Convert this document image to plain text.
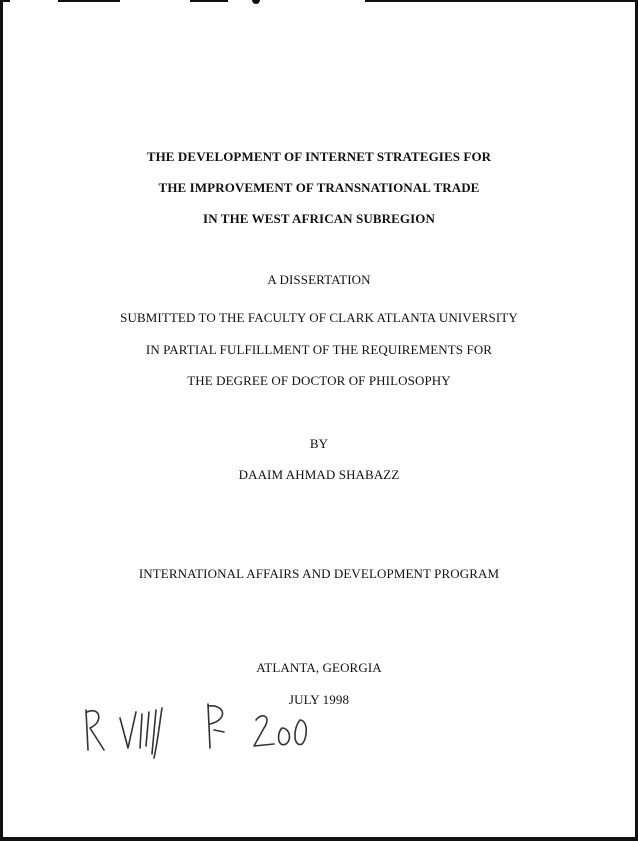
THE DEVELOPMENT OF INTERNET STRATEGIES FOR
THE IMPROVEMENT OF TRANSNATIONAL TRADE
IN THE WEST AFRICAN SUBREGION
A DISSERTATION
SUBMITTED TO THE FACULTY OF CLARK ATLANTA UNIVERSITY
IN PARTIAL FULFILLMENT OF THE REQUIREMENTS FOR
THE DEGREE OF DOCTOR OF PHILOSOPHY
BY
DAAIM AHMAD SHABAZZ
INTERNATIONAL AFFAIRS AND DEVELOPMENT PROGRAM
ATLANTA, GEORGIA
JULY 1998
